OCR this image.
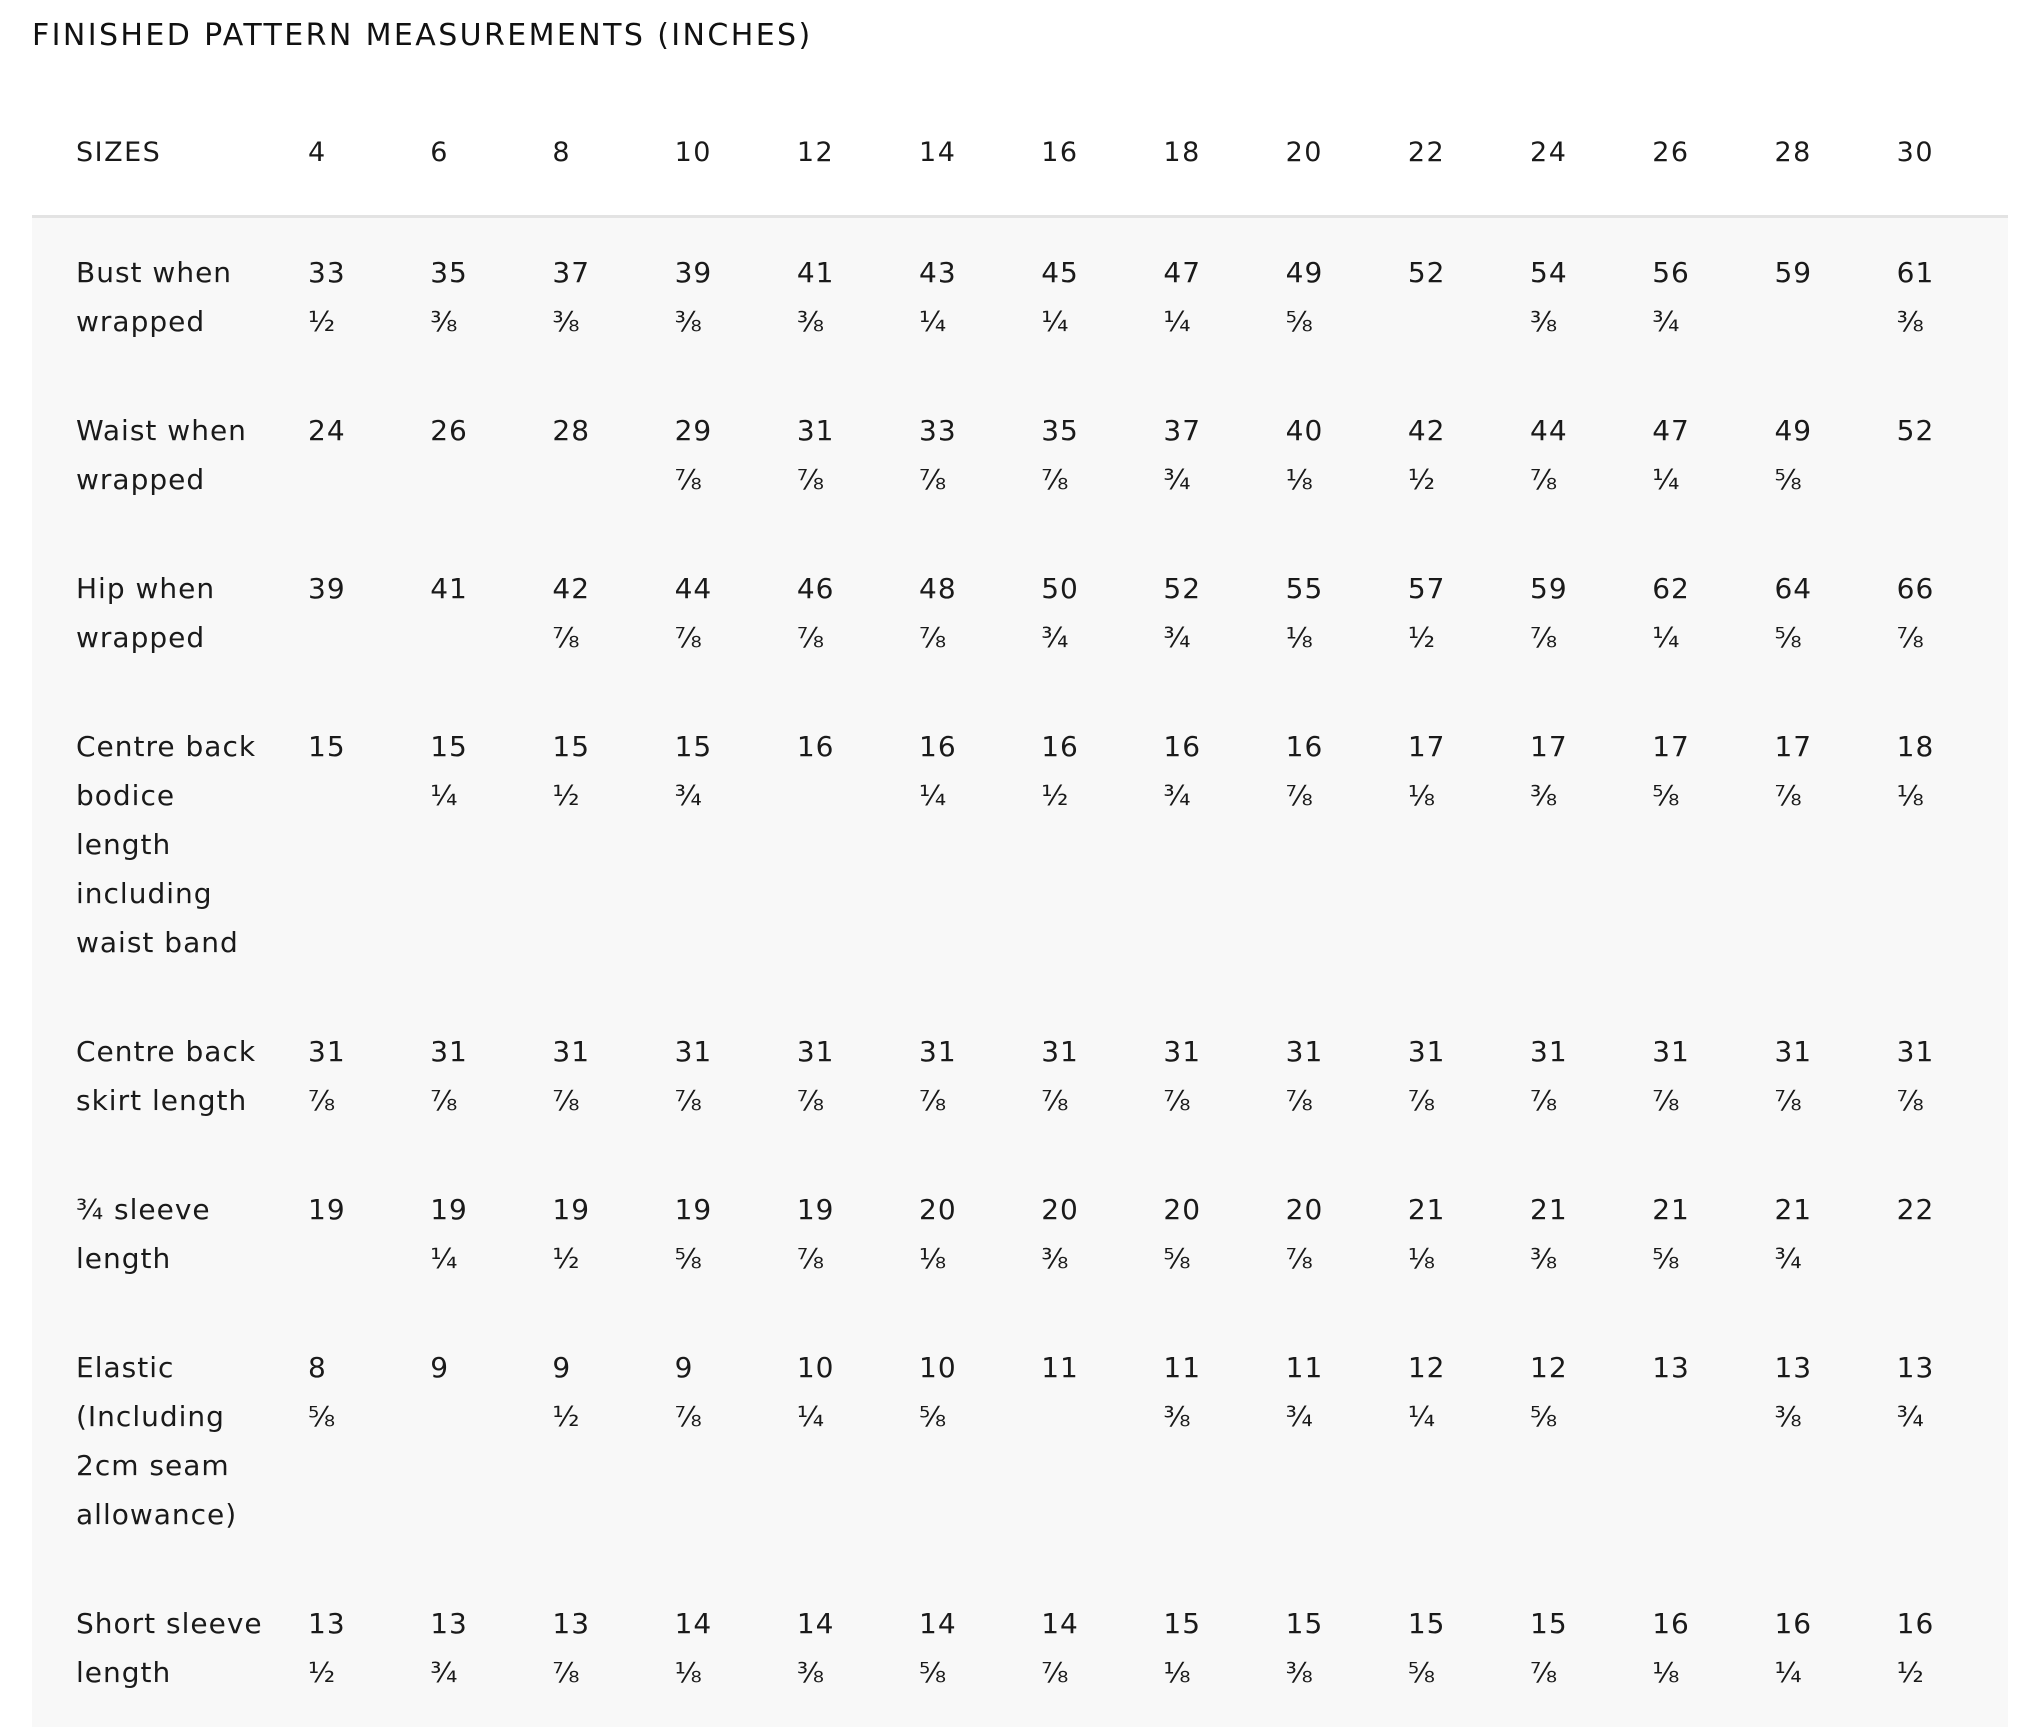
FINISHED PATTERN MEASUREMENTS (INCHES)
SIZES	4	6	8	10	12	14	16	18	20	22	24	26	28	30
Bust when wrapped	33 ½	35 ⅜	37 ⅜	39 ⅜	41 ⅜	43 ¼	45 ¼	47 ¼	49 ⅝	52	54 ⅜	56 ¾	59	61 ⅜
Waist when wrapped	24	26	28	29 ⅞	31 ⅞	33 ⅞	35 ⅞	37 ¾	40 ⅛	42 ½	44 ⅞	47 ¼	49 ⅝	52
Hip when wrapped	39	41	42 ⅞	44 ⅞	46 ⅞	48 ⅞	50 ¾	52 ¾	55 ⅛	57 ½	59 ⅞	62 ¼	64 ⅝	66 ⅞
Centre back bodice length including waist band	15	15 ¼	15 ½	15 ¾	16	16 ¼	16 ½	16 ¾	16 ⅞	17 ⅛	17 ⅜	17 ⅝	17 ⅞	18 ⅛
Centre back skirt length	31 ⅞	31 ⅞	31 ⅞	31 ⅞	31 ⅞	31 ⅞	31 ⅞	31 ⅞	31 ⅞	31 ⅞	31 ⅞	31 ⅞	31 ⅞	31 ⅞
¾ sleeve length	19	19 ¼	19 ½	19 ⅝	19 ⅞	20 ⅛	20 ⅜	20 ⅝	20 ⅞	21 ⅛	21 ⅜	21 ⅝	21 ¾	22
Elastic (Including 2cm seam allowance)	8 ⅝	9	9 ½	9 ⅞	10 ¼	10 ⅝	11	11 ⅜	11 ¾	12 ¼	12 ⅝	13	13 ⅜	13 ¾
Short sleeve length	13 ½	13 ¾	13 ⅞	14 ⅛	14 ⅜	14 ⅝	14 ⅞	15 ⅛	15 ⅜	15 ⅝	15 ⅞	16 ⅛	16 ¼	16 ½
